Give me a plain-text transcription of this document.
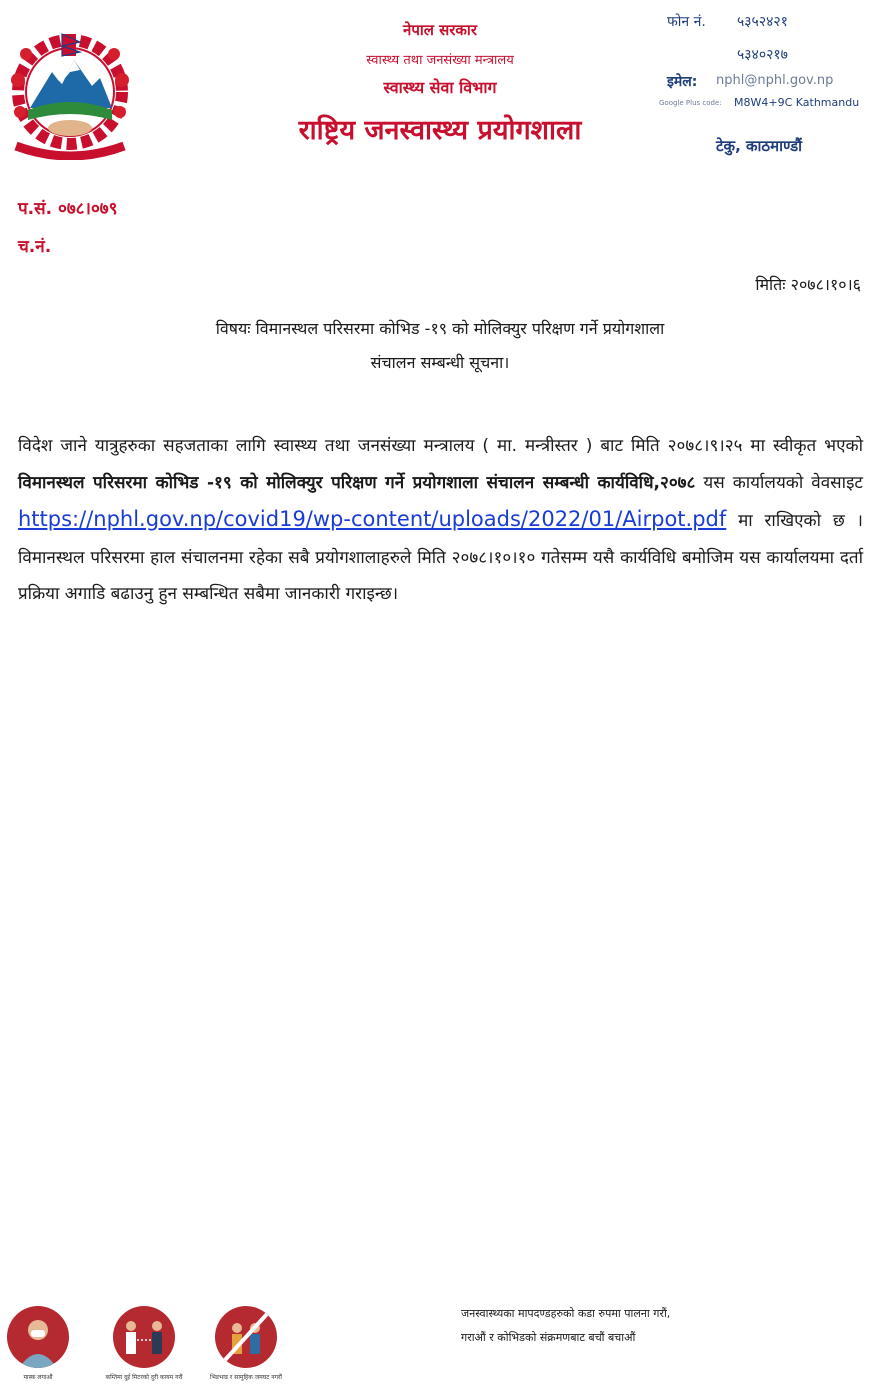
नेपाल सरकार
स्वास्थ्य तथा जनसंख्या मन्त्रालय
स्वास्थ्य सेवा विभाग
राष्ट्रिय जनस्वास्थ्य प्रयोगशाला
फोन नं. ५३५२४२१
५३४०२१७
इमेल: nphl@nphl.gov.np
Google Plus code: M8W4+9C Kathmandu
टेकु, काठमाण्डौं
प.सं. ०७८।०७९
च.नं.
मितिः २०७८।१०।६
विषयः विमानस्थल परिसरमा कोभिड -१९ को मोलिक्युर परिक्षण गर्ने प्रयोगशाला
संचालन सम्बन्धी सूचना।
विदेश जाने यात्रुहरुका सहजताका लागि स्वास्थ्य तथा जनसंख्या मन्त्रालय ( मा. मन्त्रीस्तर ) बाट मिति २०७८।९।२५ मा स्वीकृत भएको विमानस्थल परिसरमा कोभिड -१९ को मोलिक्युर परिक्षण गर्ने प्रयोगशाला संचालन सम्बन्धी कार्यविधि,२०७८ यस कार्यालयको वेवसाइट https://nphl.gov.np/covid19/wp-content/uploads/2022/01/Airpot.pdf मा राखिएको छ । विमानस्थल परिसरमा हाल संचालनमा रहेका सबै प्रयोगशालाहरुले मिति २०७८।१०।१० गतेसम्म यसै कार्यविधि बमोजिम यस कार्यालयमा दर्ता प्रक्रिया अगाडि बढाउनु हुन सम्बन्धित सबैमा जानकारी गराइन्छ।
मास्क लगाऔं	कम्तिमा दुई मिटरको दुरी कायम गरौं	भिडभाड र सामुहिक जमघट नगरौं
जनस्वास्थ्यका मापदण्डहरुको कडा रुपमा पालना गरौं,
गराऔं र कोभिडको संक्रमणबाट बचौं बचाऔं
